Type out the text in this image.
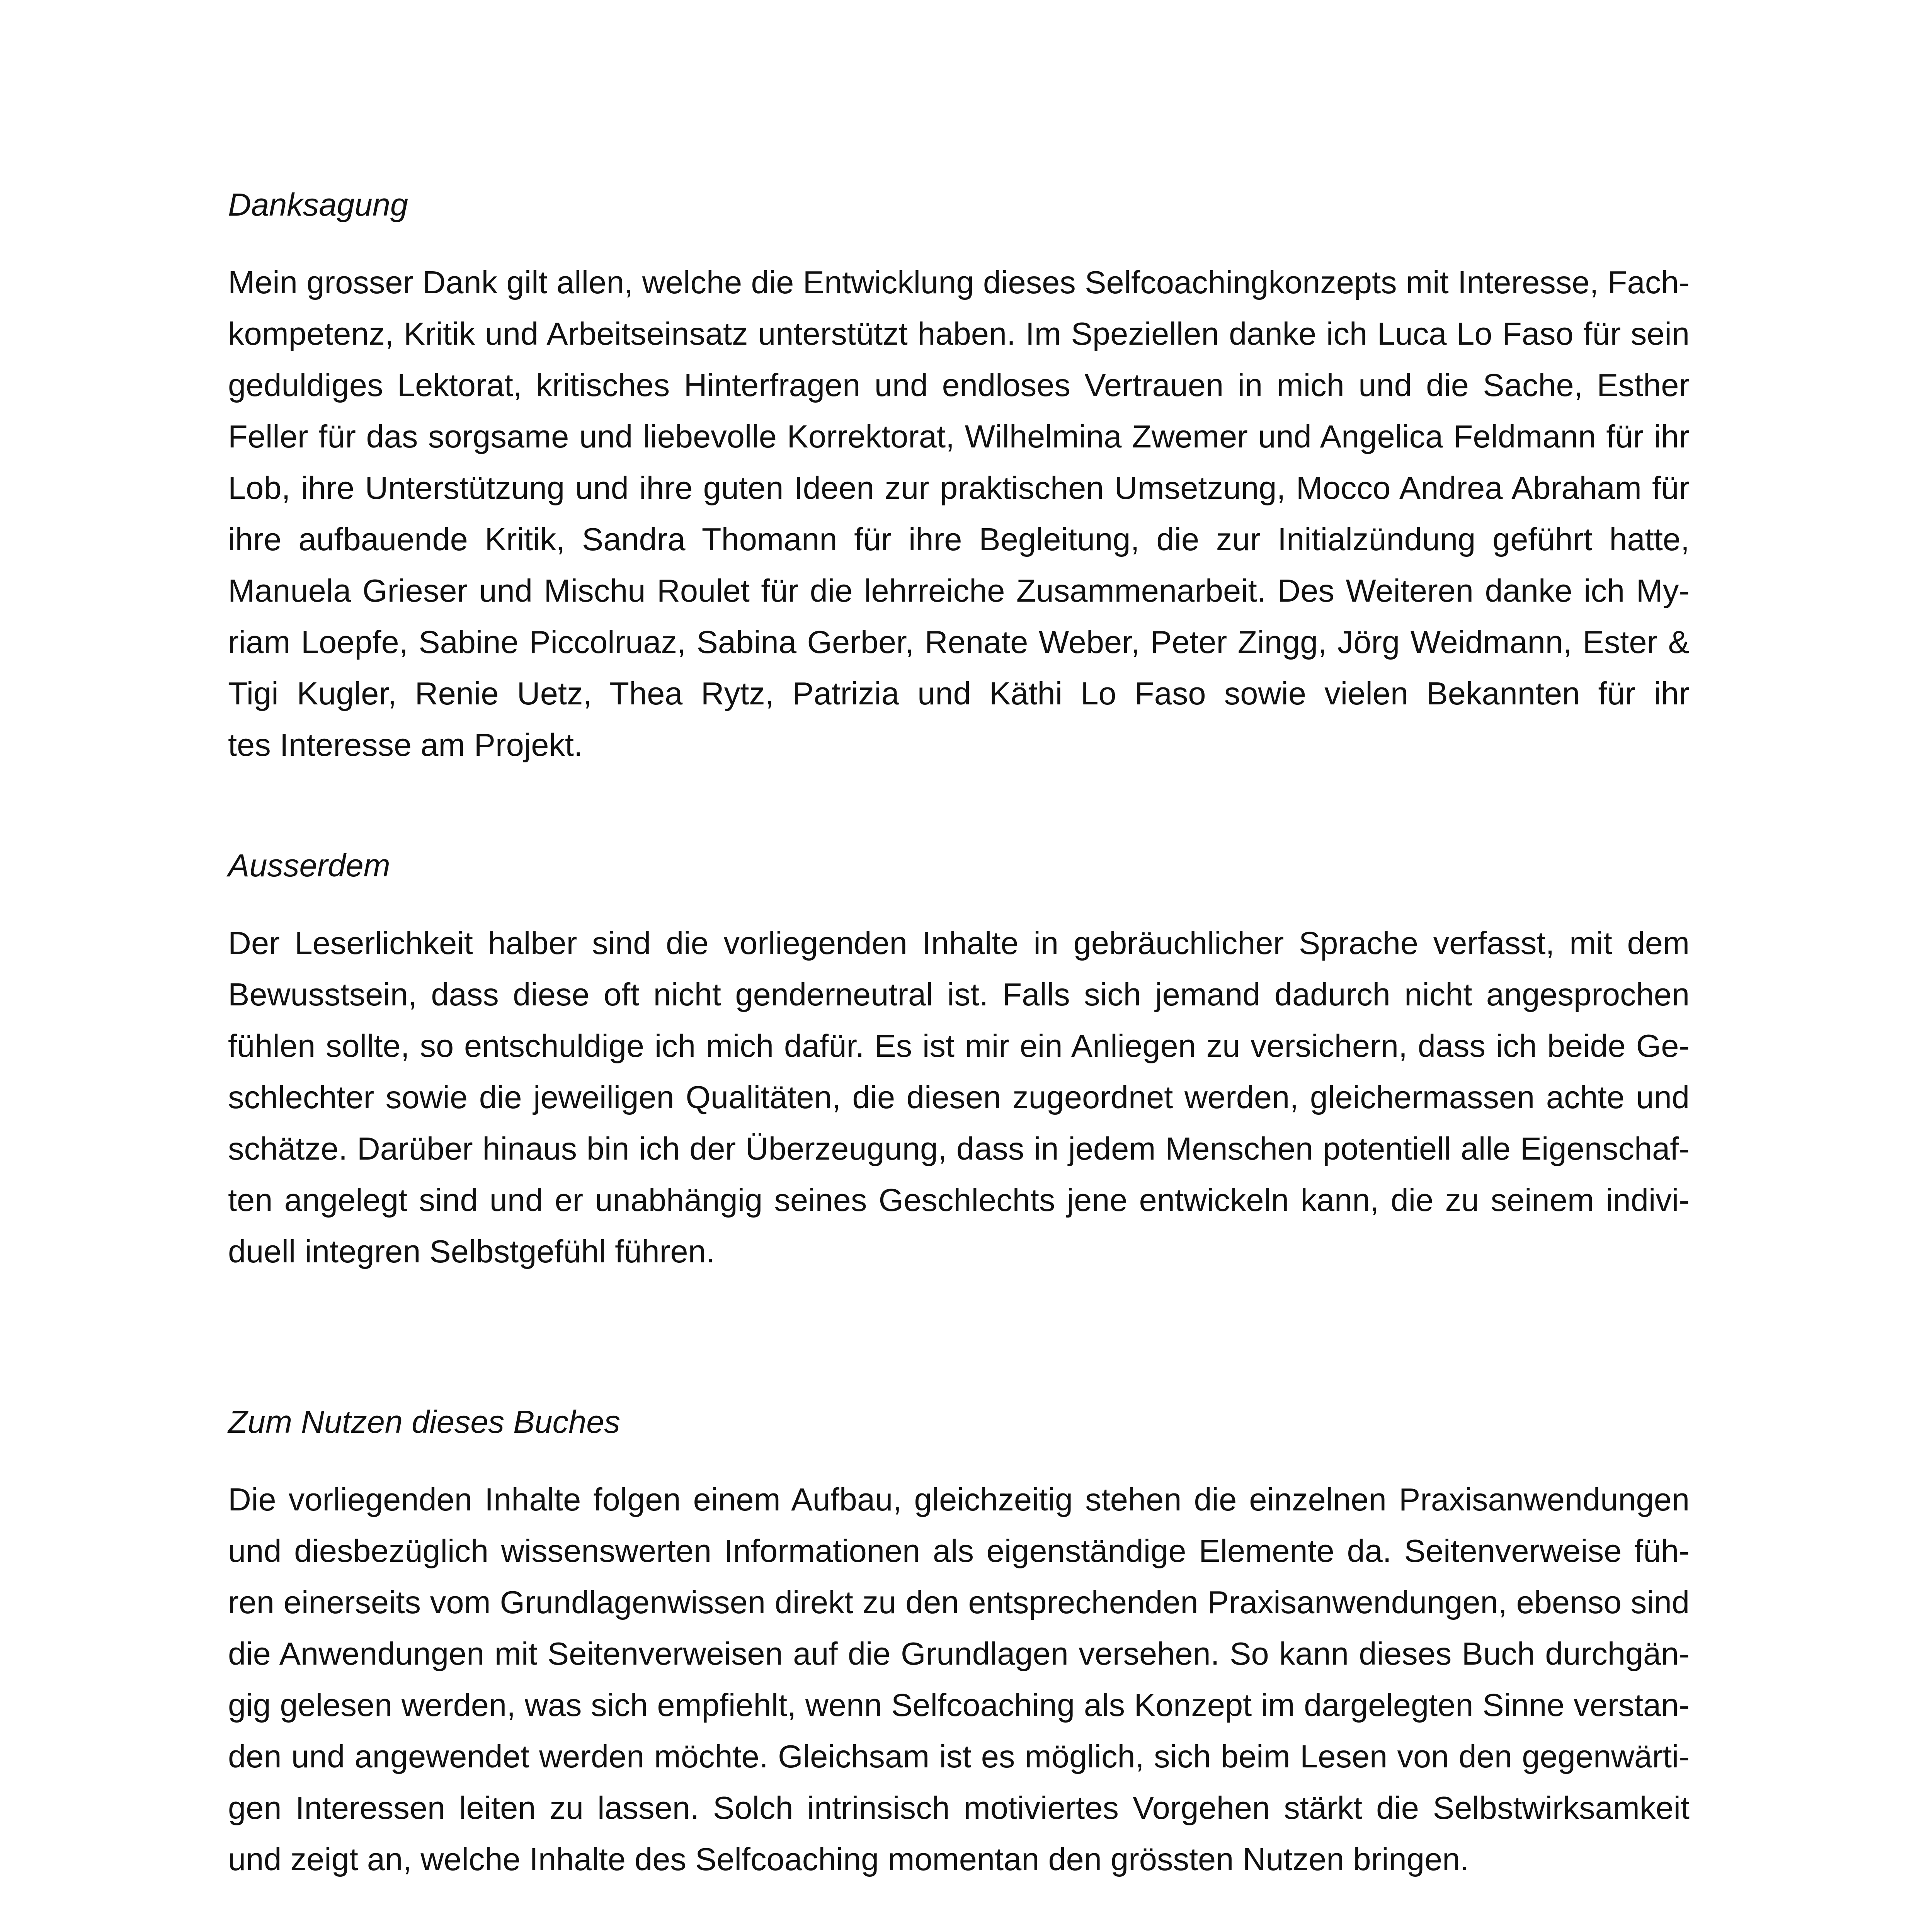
Danksagung
Mein grosser Dank gilt allen, welche die Entwicklung dieses Selfcoachingkonzepts mit Interesse, Fach-
kompetenz, Kritik und Arbeitseinsatz unterstützt haben. Im Speziellen danke ich Luca Lo Faso für sein
geduldiges Lektorat, kritisches Hinterfragen und endloses Vertrauen in mich und die Sache, Esther
Feller für das sorgsame und liebevolle Korrektorat, Wilhelmina Zwemer und Angelica Feldmann für ihr
Lob, ihre Unterstützung und ihre guten Ideen zur praktischen Umsetzung, Mocco Andrea Abraham für
ihre aufbauende Kritik, Sandra Thomann für ihre Begleitung, die zur Initialzündung geführt hatte,
Manuela Grieser und Mischu Roulet für die lehrreiche Zusammenarbeit. Des Weiteren danke ich My-
riam Loepfe, Sabine Piccolruaz, Sabina Gerber, Renate Weber, Peter Zingg, Jörg Weidmann, Ester &
Tigi Kugler, Renie Uetz, Thea Rytz, Patrizia und Käthi Lo Faso sowie vielen Bekannten für ihr
tes Interesse am Projekt.
Ausserdem
Der Leserlichkeit halber sind die vorliegenden Inhalte in gebräuchlicher Sprache verfasst, mit dem
Bewusstsein, dass diese oft nicht genderneutral ist. Falls sich jemand dadurch nicht angesprochen
fühlen sollte, so entschuldige ich mich dafür. Es ist mir ein Anliegen zu versichern, dass ich beide Ge-
schlechter sowie die jeweiligen Qualitäten, die diesen zugeordnet werden, gleichermassen achte und
schätze. Darüber hinaus bin ich der Überzeugung, dass in jedem Menschen potentiell alle Eigenschaf-
ten angelegt sind und er unabhängig seines Geschlechts jene entwickeln kann, die zu seinem indivi-
duell integren Selbstgefühl führen.
Zum Nutzen dieses Buches
Die vorliegenden Inhalte folgen einem Aufbau, gleichzeitig stehen die einzelnen Praxisanwendungen
und diesbezüglich wissenswerten Informationen als eigenständige Elemente da. Seitenverweise füh-
ren einerseits vom Grundlagenwissen direkt zu den entsprechenden Praxisanwendungen, ebenso sind
die Anwendungen mit Seitenverweisen auf die Grundlagen versehen. So kann dieses Buch durchgän-
gig gelesen werden, was sich empfiehlt, wenn Selfcoaching als Konzept im dargelegten Sinne verstan-
den und angewendet werden möchte. Gleichsam ist es möglich, sich beim Lesen von den gegenwärti-
gen Interessen leiten zu lassen. Solch intrinsisch motiviertes Vorgehen stärkt die Selbstwirksamkeit
und zeigt an, welche Inhalte des Selfcoaching momentan den grössten Nutzen bringen.
